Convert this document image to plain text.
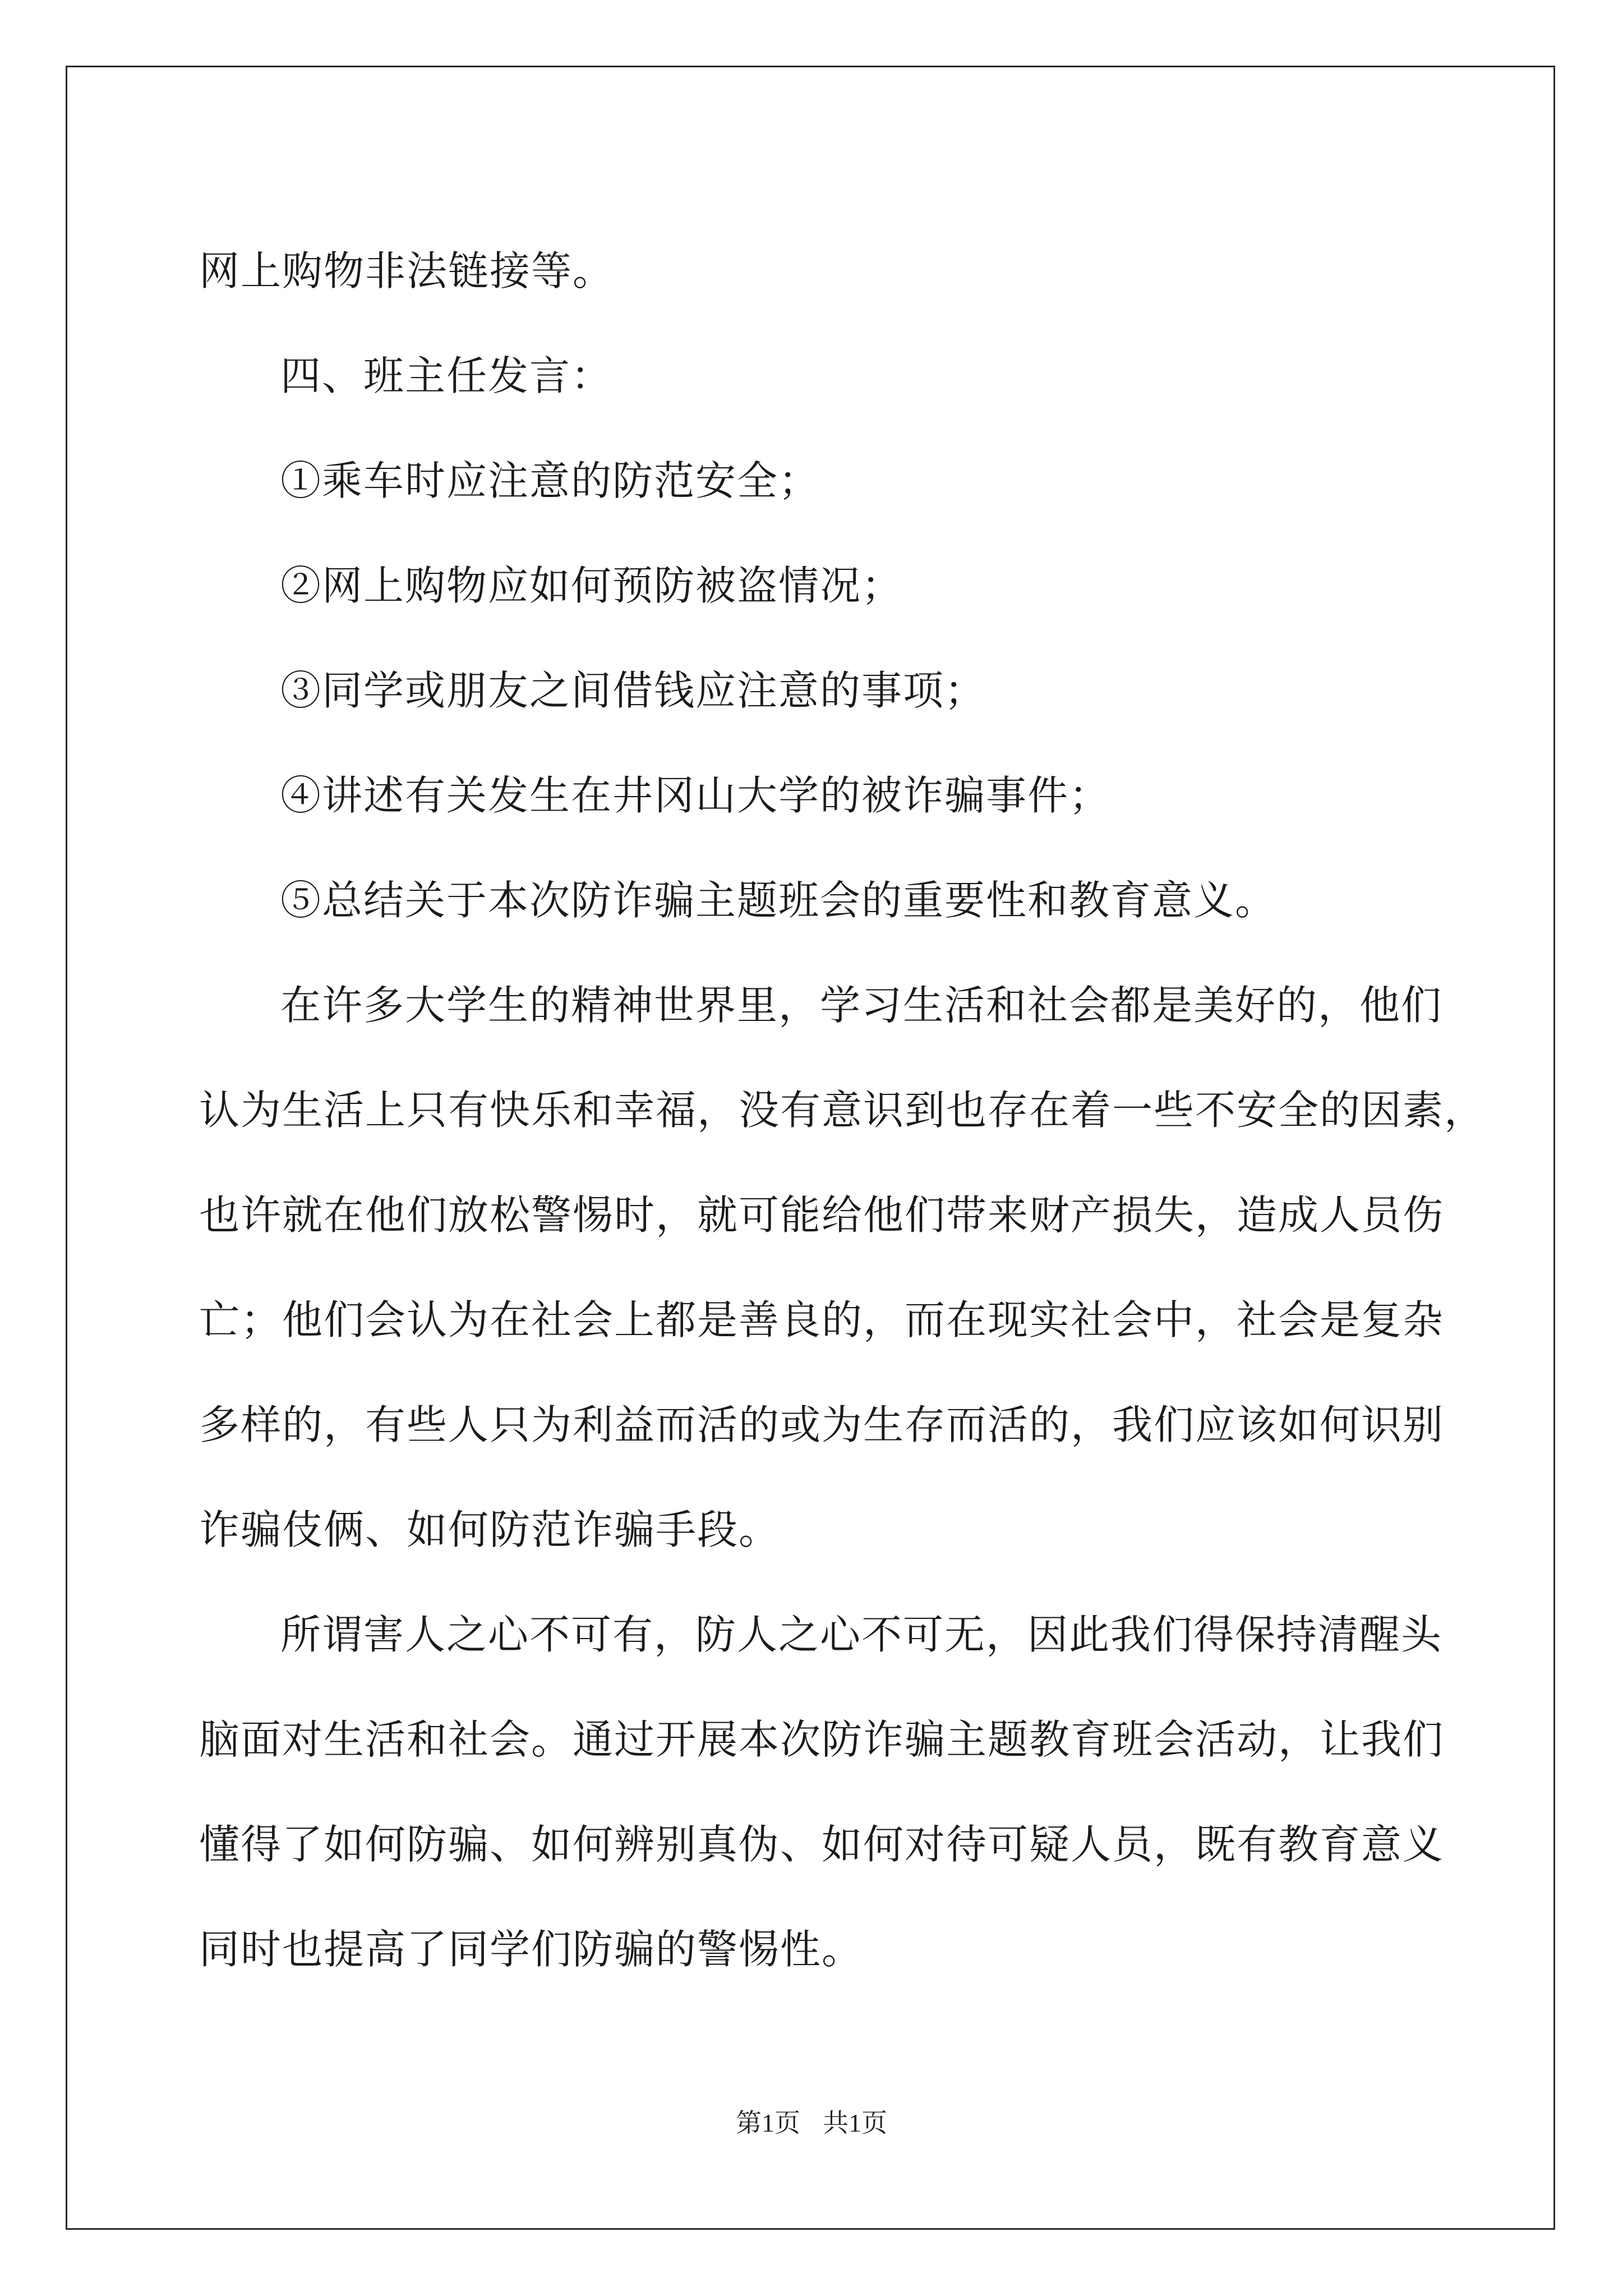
网上购物非法链接等。
四、班主任发言：
①乘车时应注意的防范安全；
②网上购物应如何预防被盗情况；
③同学或朋友之间借钱应注意的事项；
④讲述有关发生在井冈山大学的被诈骗事件；
⑤总结关于本次防诈骗主题班会的重要性和教育意义。
在许多大学生的精神世界里，学习生活和社会都是美好的，他们
认为生活上只有快乐和幸福，没有意识到也存在着一些不安全的因素，
也许就在他们放松警惕时，就可能给他们带来财产损失，造成人员伤
亡；他们会认为在社会上都是善良的，而在现实社会中，社会是复杂
多样的，有些人只为利益而活的或为生存而活的，我们应该如何识别
诈骗伎俩、如何防范诈骗手段。
所谓害人之心不可有，防人之心不可无，因此我们得保持清醒头
脑面对生活和社会。通过开展本次防诈骗主题教育班会活动，让我们
懂得了如何防骗、如何辨别真伪、如何对待可疑人员，既有教育意义
同时也提高了同学们防骗的警惕性。
第1页 共1页
